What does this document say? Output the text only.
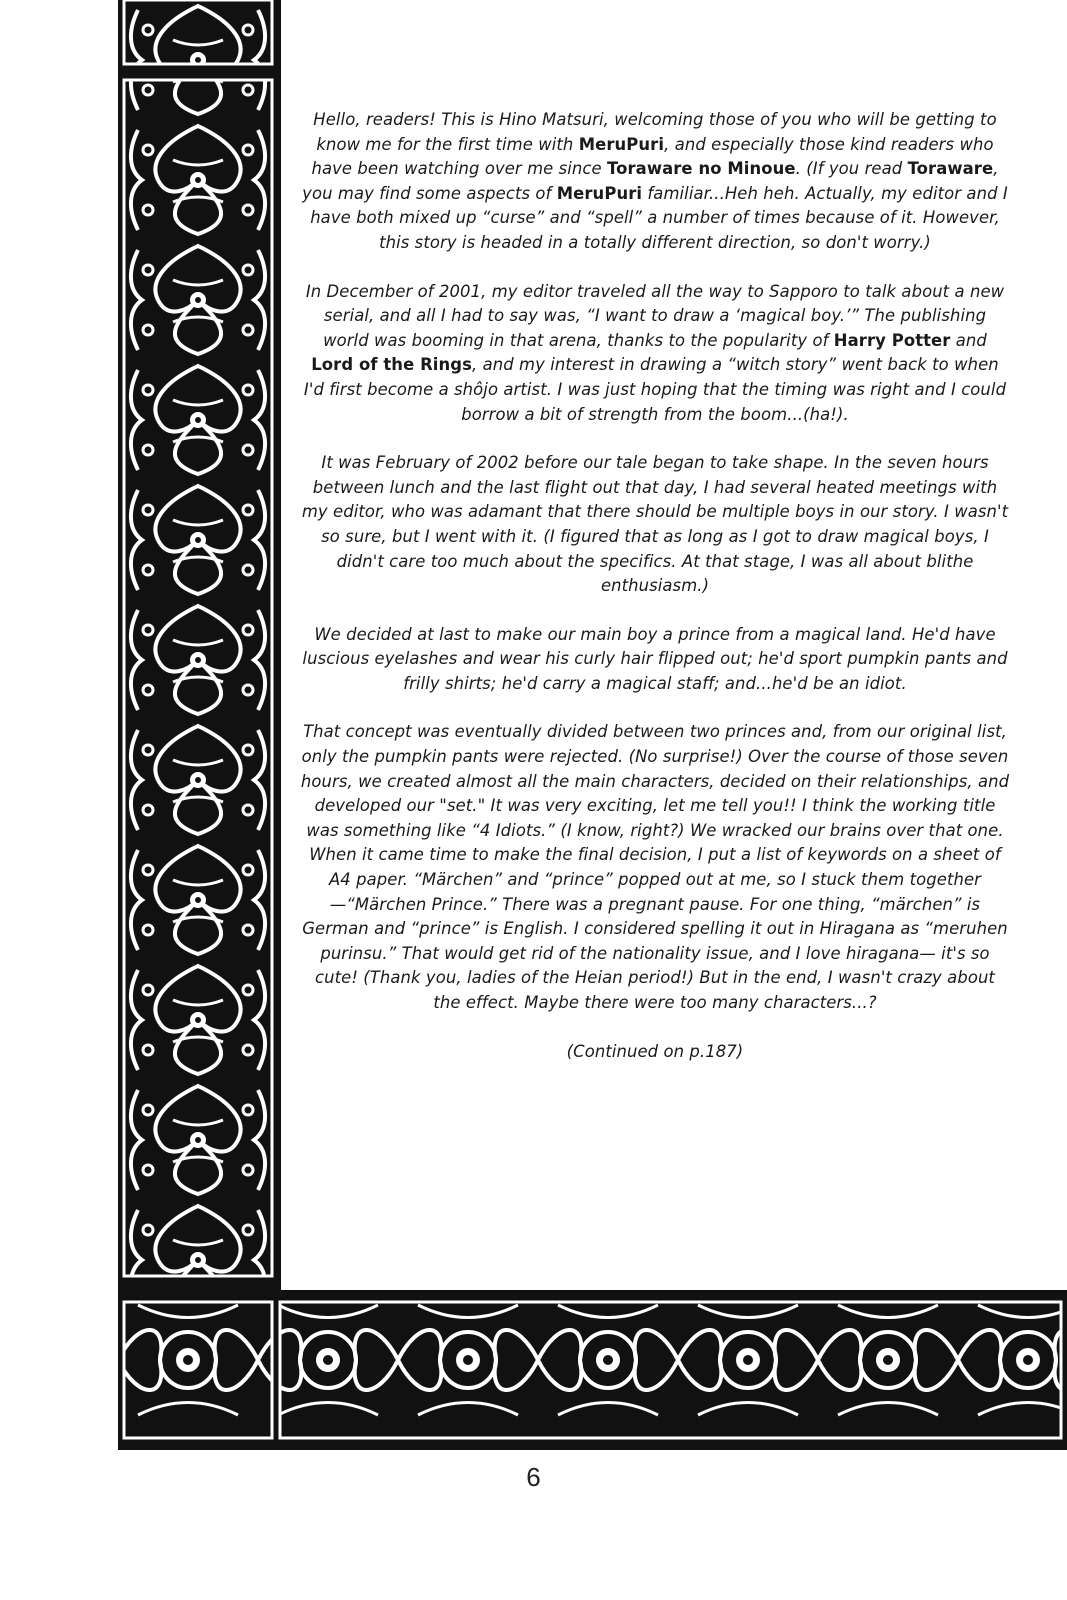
Hello, readers! This is Hino Matsuri, welcoming those of you who will be getting to know me for the first time with MeruPuri, and especially those kind readers who have been watching over me since Toraware no Minoue. (If you read Toraware, you may find some aspects of MeruPuri familiar...Heh heh. Actually, my editor and I have both mixed up “curse” and “spell” a number of times because of it. However, this story is headed in a totally different direction, so don't worry.)

In December of 2001, my editor traveled all the way to Sapporo to talk about a new serial, and all I had to say was, “I want to draw a ‘magical boy.’” The publishing world was booming in that arena, thanks to the popularity of Harry Potter and Lord of the Rings, and my interest in drawing a “witch story” went back to when I'd first become a shôjo artist. I was just hoping that the timing was right and I could borrow a bit of strength from the boom...(ha!).

It was February of 2002 before our tale began to take shape. In the seven hours between lunch and the last flight out that day, I had several heated meetings with my editor, who was adamant that there should be multiple boys in our story. I wasn't so sure, but I went with it. (I figured that as long as I got to draw magical boys, I didn't care too much about the specifics. At that stage, I was all about blithe enthusiasm.)

We decided at last to make our main boy a prince from a magical land. He'd have luscious eyelashes and wear his curly hair flipped out; he'd sport pumpkin pants and frilly shirts; he'd carry a magical staff; and...he'd be an idiot.

That concept was eventually divided between two princes and, from our original list, only the pumpkin pants were rejected. (No surprise!) Over the course of those seven hours, we created almost all the main characters, decided on their relationships, and developed our "set." It was very exciting, let me tell you!! I think the working title was something like “4 Idiots.” (I know, right?) We wracked our brains over that one. When it came time to make the final decision, I put a list of keywords on a sheet of A4 paper. “Märchen” and “prince” popped out at me, so I stuck them together—“Märchen Prince.” There was a pregnant pause. For one thing, “märchen” is German and “prince” is English. I considered spelling it out in Hiragana as “meruhen purinsu.” That would get rid of the nationality issue, and I love hiragana— it's so cute! (Thank you, ladies of the Heian period!) But in the end, I wasn't crazy about the effect. Maybe there were too many characters...?

(Continued on p.187)

6
